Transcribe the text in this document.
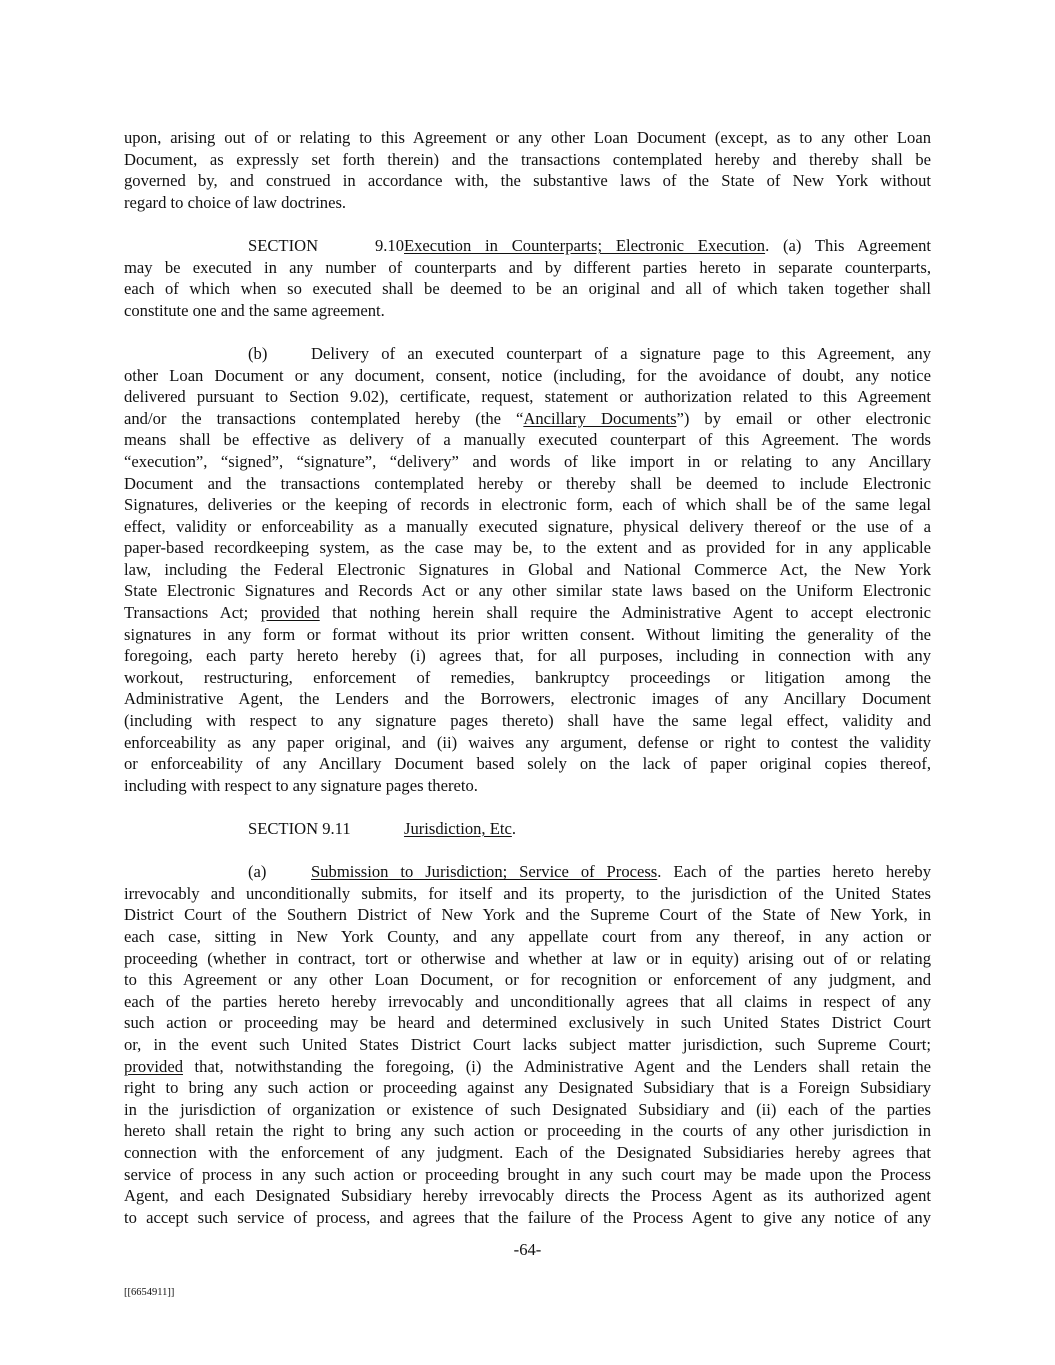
upon, arising out of or relating to this Agreement or any other Loan Document (except, as to any other Loan
Document, as expressly set forth therein) and the transactions contemplated hereby and thereby shall be
governed by, and construed in accordance with, the substantive laws of the State of New York without
regard to choice of law doctrines.
SECTION 9.10 Execution in Counterparts; Electronic Execution. (a) This Agreement
may be executed in any number of counterparts and by different parties hereto in separate counterparts,
each of which when so executed shall be deemed to be an original and all of which taken together shall
constitute one and the same agreement.
(b)	Delivery of an executed counterpart of a signature page to this Agreement, any
other Loan Document or any document, consent, notice (including, for the avoidance of doubt, any notice
delivered pursuant to Section 9.02), certificate, request, statement or authorization related to this Agreement
and/or the transactions contemplated hereby (the “Ancillary Documents”) by email or other electronic
means shall be effective as delivery of a manually executed counterpart of this Agreement. The words
“execution”, “signed”, “signature”, “delivery” and words of like import in or relating to any Ancillary
Document and the transactions contemplated hereby or thereby shall be deemed to include Electronic
Signatures, deliveries or the keeping of records in electronic form, each of which shall be of the same legal
effect, validity or enforceability as a manually executed signature, physical delivery thereof or the use of a
paper-based recordkeeping system, as the case may be, to the extent and as provided for in any applicable
law, including the Federal Electronic Signatures in Global and National Commerce Act, the New York
State Electronic Signatures and Records Act or any other similar state laws based on the Uniform Electronic
Transactions Act; provided that nothing herein shall require the Administrative Agent to accept electronic
signatures in any form or format without its prior written consent. Without limiting the generality of the
foregoing, each party hereto hereby (i) agrees that, for all purposes, including in connection with any
workout, restructuring, enforcement of remedies, bankruptcy proceedings or litigation among the
Administrative Agent, the Lenders and the Borrowers, electronic images of any Ancillary Document
(including with respect to any signature pages thereto) shall have the same legal effect, validity and
enforceability as any paper original, and (ii) waives any argument, defense or right to contest the validity
or enforceability of any Ancillary Document based solely on the lack of paper original copies thereof,
including with respect to any signature pages thereto.
SECTION 9.11	Jurisdiction, Etc.
(a)	Submission to Jurisdiction; Service of Process. Each of the parties hereto hereby
irrevocably and unconditionally submits, for itself and its property, to the jurisdiction of the United States
District Court of the Southern District of New York and the Supreme Court of the State of New York, in
each case, sitting in New York County, and any appellate court from any thereof, in any action or
proceeding (whether in contract, tort or otherwise and whether at law or in equity) arising out of or relating
to this Agreement or any other Loan Document, or for recognition or enforcement of any judgment, and
each of the parties hereto hereby irrevocably and unconditionally agrees that all claims in respect of any
such action or proceeding may be heard and determined exclusively in such United States District Court
or, in the event such United States District Court lacks subject matter jurisdiction, such Supreme Court;
provided that, notwithstanding the foregoing, (i) the Administrative Agent and the Lenders shall retain the
right to bring any such action or proceeding against any Designated Subsidiary that is a Foreign Subsidiary
in the jurisdiction of organization or existence of such Designated Subsidiary and (ii) each of the parties
hereto shall retain the right to bring any such action or proceeding in the courts of any other jurisdiction in
connection with the enforcement of any judgment. Each of the Designated Subsidiaries hereby agrees that
service of process in any such action or proceeding brought in any such court may be made upon the Process
Agent, and each Designated Subsidiary hereby irrevocably directs the Process Agent as its authorized agent
to accept such service of process, and agrees that the failure of the Process Agent to give any notice of any
-64-
[[6654911]]
